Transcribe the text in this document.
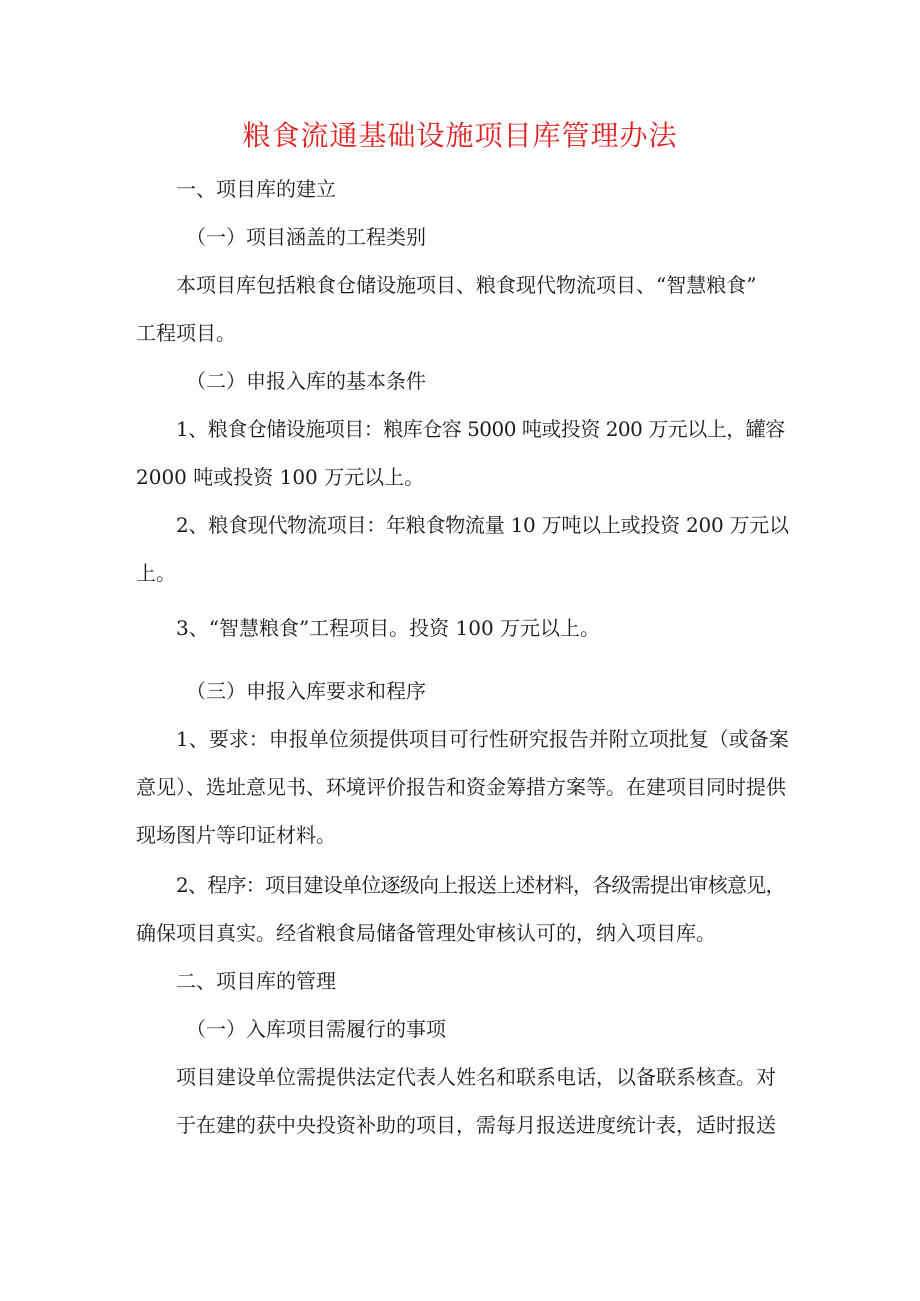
粮食流通基础设施项目库管理办法

一、项目库的建立

（一）项目涵盖的工程类别

本项目库包括粮食仓储设施项目、粮食现代物流项目、“智慧粮食”

工程项目。

（二）申报入库的基本条件

1、粮食仓储设施项目：粮库仓容 5000 吨或投资 200 万元以上，罐容

2000 吨或投资 100 万元以上。

2、粮食现代物流项目：年粮食物流量 10 万吨以上或投资 200 万元以

上。

3、“智慧粮食”工程项目。投资 100 万元以上。

（三）申报入库要求和程序

1、要求：申报单位须提供项目可行性研究报告并附立项批复（或备案

意见）、选址意见书、环境评价报告和资金筹措方案等。在建项目同时提供

现场图片等印证材料。

2、程序：项目建设单位逐级向上报送上述材料，各级需提出审核意见，

确保项目真实。经省粮食局储备管理处审核认可的，纳入项目库。

二、项目库的管理

（一）入库项目需履行的事项

项目建设单位需提供法定代表人姓名和联系电话，以备联系核查。对

于在建的获中央投资补助的项目，需每月报送进度统计表，适时报送
